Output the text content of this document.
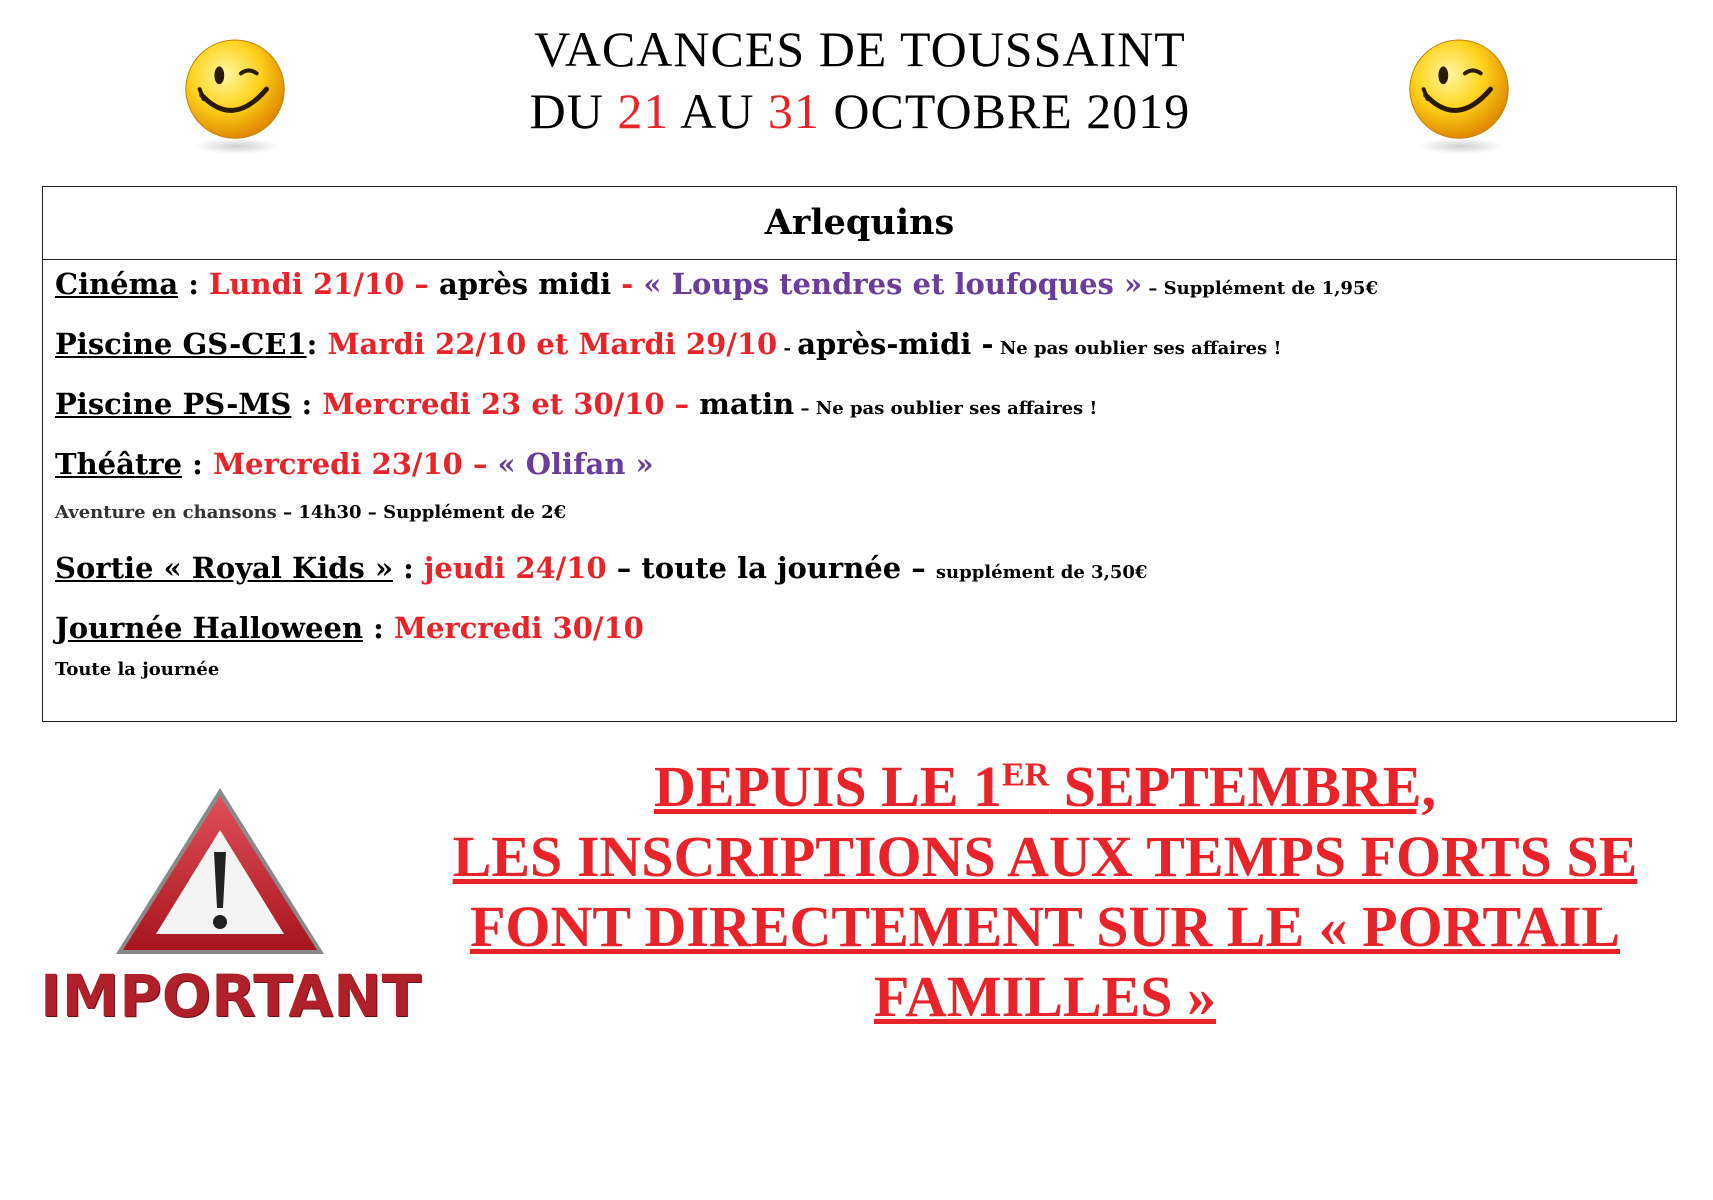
VACANCES DE TOUSSAINT
DU 21 AU 31 OCTOBRE 2019
Arlequins
Cinéma : Lundi 21/10 – après midi - « Loups tendres et loufoques » – Supplément de 1,95€
Piscine GS-CE1: Mardi 22/10 et Mardi 29/10 - après-midi - Ne pas oublier ses affaires !
Piscine PS-MS : Mercredi 23 et 30/10 – matin – Ne pas oublier ses affaires !
Théâtre : Mercredi 23/10 – « Olifan »
Aventure en chansons – 14h30 – Supplément de 2€
Sortie « Royal Kids » : jeudi 24/10 – toute la journée – supplément de 3,50€
Journée Halloween : Mercredi 30/10
Toute la journée
IMPORTANT
DEPUIS LE 1ER SEPTEMBRE,
LES INSCRIPTIONS AUX TEMPS FORTS SE
FONT DIRECTEMENT SUR LE « PORTAIL
FAMILLES »
